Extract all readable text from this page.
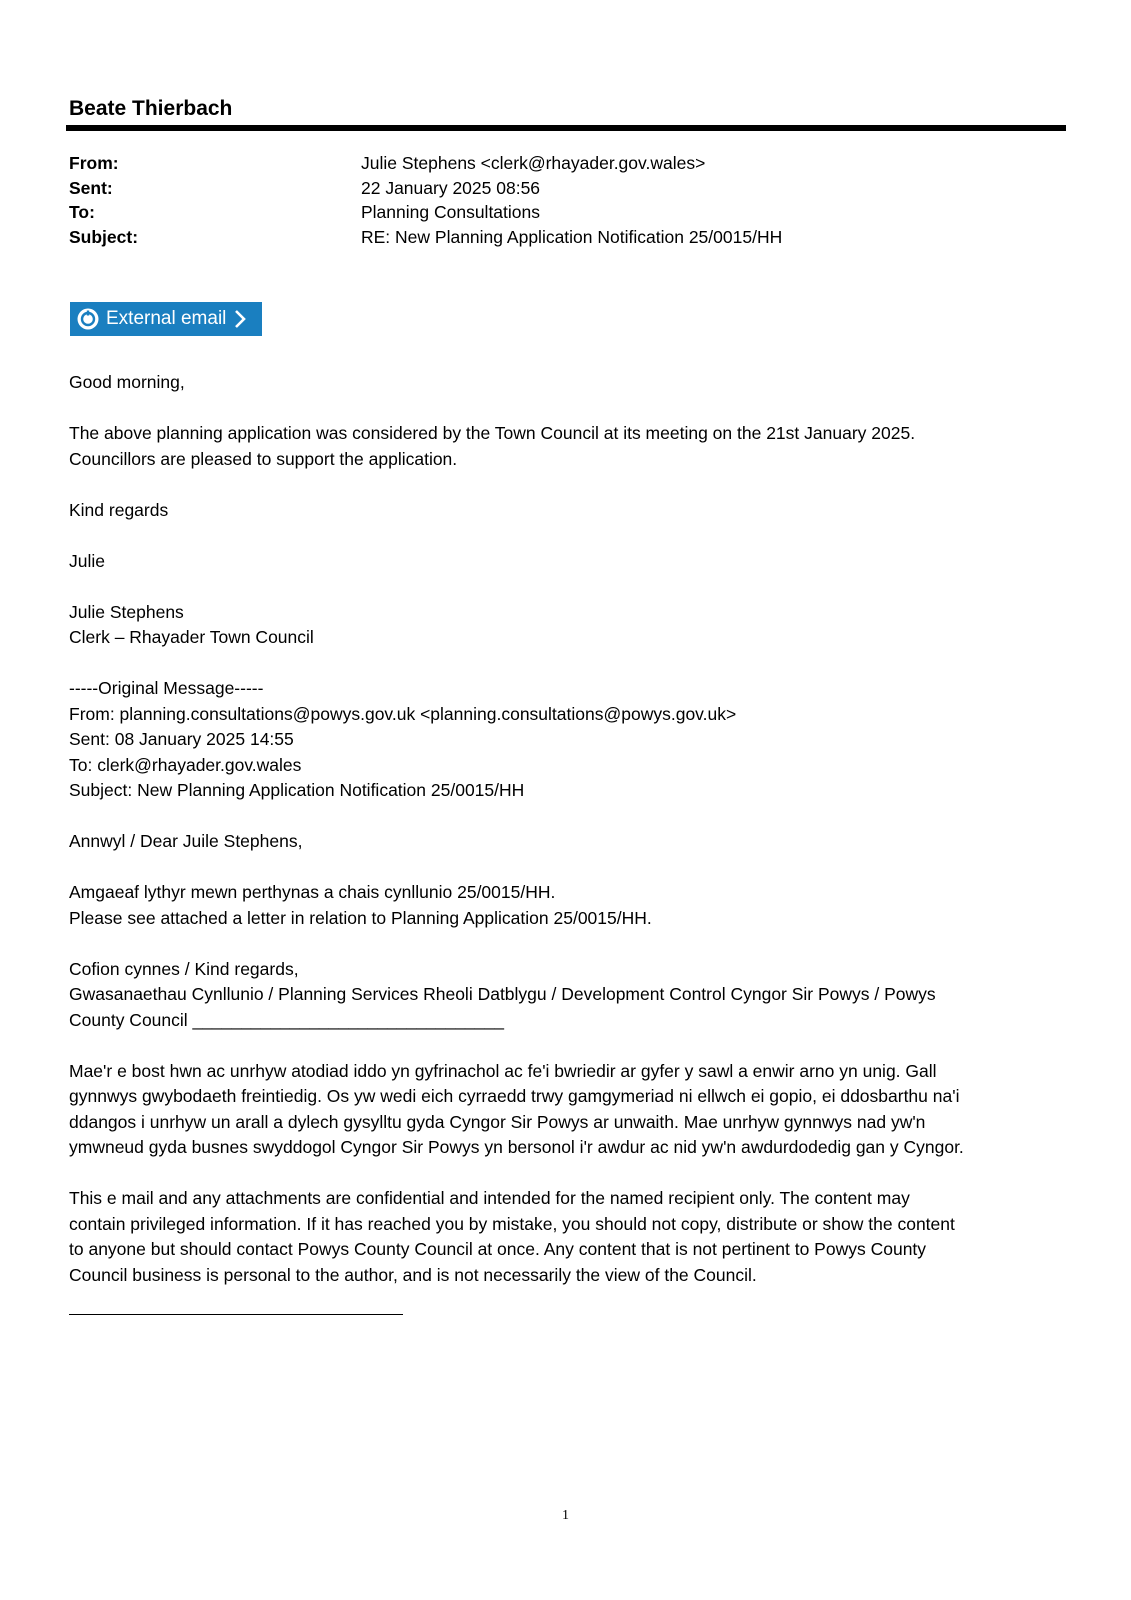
Beate Thierbach
From:	Julie Stephens <clerk@rhayader.gov.wales>
Sent:	22 January 2025 08:56
To:	Planning Consultations
Subject:	RE: New Planning Application Notification 25/0015/HH
External email

Good morning,

The above planning application was considered by the Town Council at its meeting on the 21st January 2025.

Councillors are pleased to support the application.

Kind regards

Julie

Julie Stephens

Clerk – Rhayader Town Council

-----Original Message-----

From: planning.consultations@powys.gov.uk <planning.consultations@powys.gov.uk>

Sent: 08 January 2025 14:55

To: clerk@rhayader.gov.wales

Subject: New Planning Application Notification 25/0015/HH

Annwyl / Dear Juile Stephens,

Amgaeaf lythyr mewn perthynas a chais cynllunio 25/0015/HH.

Please see attached a letter in relation to Planning Application 25/0015/HH.

Cofion cynnes / Kind regards,

Gwasanaethau Cynllunio / Planning Services Rheoli Datblygu / Development Control Cyngor Sir Powys / Powys

County Council ________________________________

Mae'r e bost hwn ac unrhyw atodiad iddo yn gyfrinachol ac fe'i bwriedir ar gyfer y sawl a enwir arno yn unig. Gall

gynnwys gwybodaeth freintiedig. Os yw wedi eich cyrraedd trwy gamgymeriad ni ellwch ei gopio, ei ddosbarthu na'i

ddangos i unrhyw un arall a dylech gysylltu gyda Cyngor Sir Powys ar unwaith. Mae unrhyw gynnwys nad yw'n

ymwneud gyda busnes swyddogol Cyngor Sir Powys yn bersonol i'r awdur ac nid yw'n awdurdodedig gan y Cyngor.

This e mail and any attachments are confidential and intended for the named recipient only. The content may

contain privileged information. If it has reached you by mistake, you should not copy, distribute or show the content

to anyone but should contact Powys County Council at once. Any content that is not pertinent to Powys County

Council business is personal to the author, and is not necessarily the view of the Council.

1
